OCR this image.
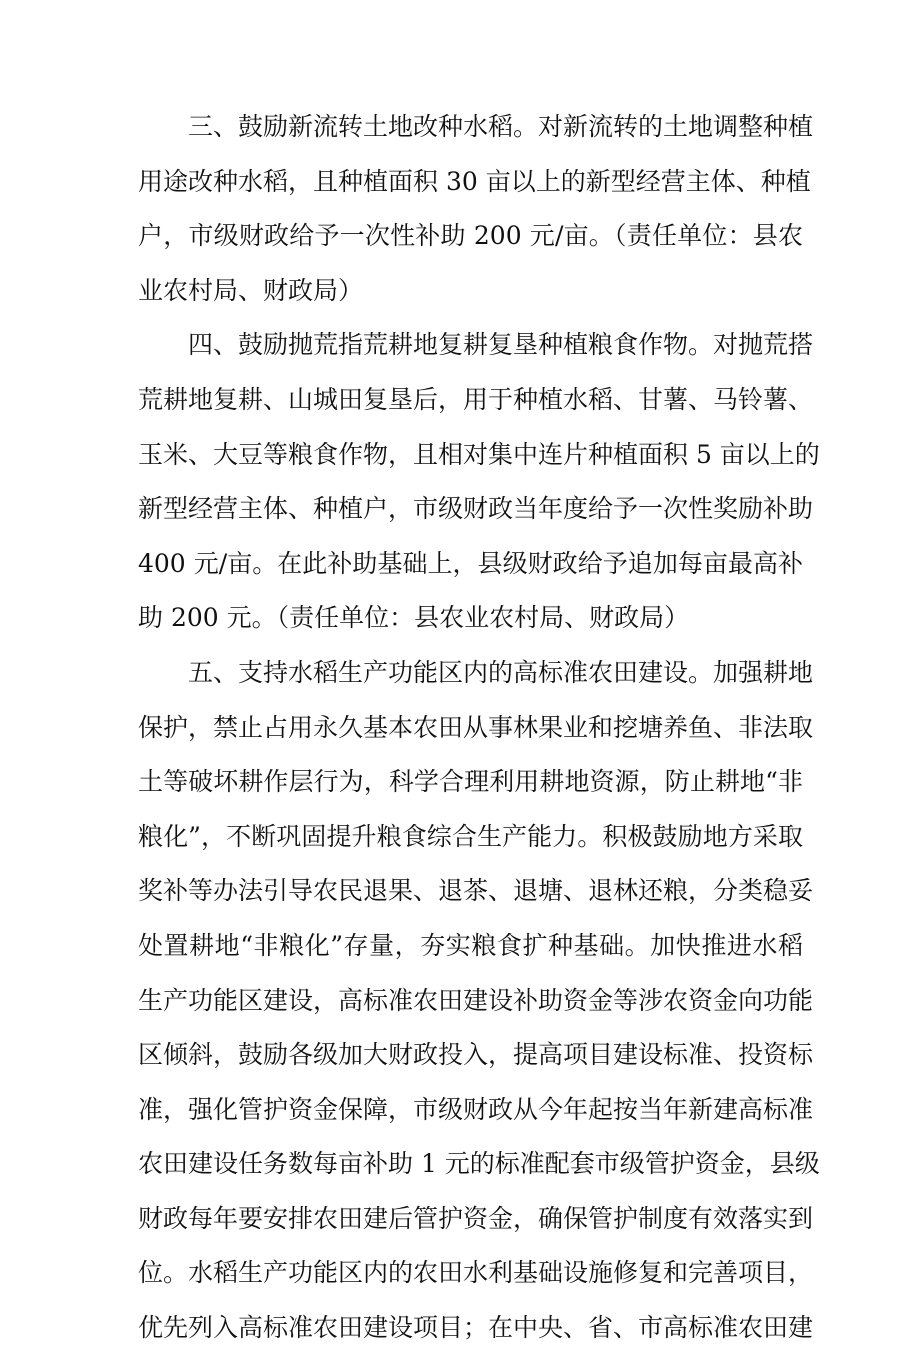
三、鼓励新流转土地改种水稻。对新流转的土地调整种植
用途改种水稻，且种植面积 30 亩以上的新型经营主体、种植
户，市级财政给予一次性补助 200 元/亩。（责任单位：县农
业农村局、财政局）
四、鼓励抛荒指荒耕地复耕复垦种植粮食作物。对抛荒搭
荒耕地复耕、山城田复垦后，用于种植水稻、甘薯、马铃薯、
玉米、大豆等粮食作物，且相对集中连片种植面积 5 亩以上的
新型经营主体、种植户，市级财政当年度给予一次性奖励补助
400 元/亩。在此补助基础上，县级财政给予追加每亩最高补
助 200 元。（责任单位：县农业农村局、财政局）
五、支持水稻生产功能区内的高标准农田建设。加强耕地
保护，禁止占用永久基本农田从事林果业和挖塘养鱼、非法取
土等破坏耕作层行为，科学合理利用耕地资源，防止耕地“非
粮化”，不断巩固提升粮食综合生产能力。积极鼓励地方采取
奖补等办法引导农民退果、退茶、退塘、退林还粮，分类稳妥
处置耕地“非粮化”存量，夯实粮食扩种基础。加快推进水稻
生产功能区建设，高标准农田建设补助资金等涉农资金向功能
区倾斜，鼓励各级加大财政投入，提高项目建设标准、投资标
准，强化管护资金保障，市级财政从今年起按当年新建高标准
农田建设任务数每亩补助 1 元的标准配套市级管护资金，县级
财政每年要安排农田建后管护资金，确保管护制度有效落实到
位。水稻生产功能区内的农田水利基础设施修复和完善项目，
优先列入高标准农田建设项目；在中央、省、市高标准农田建
